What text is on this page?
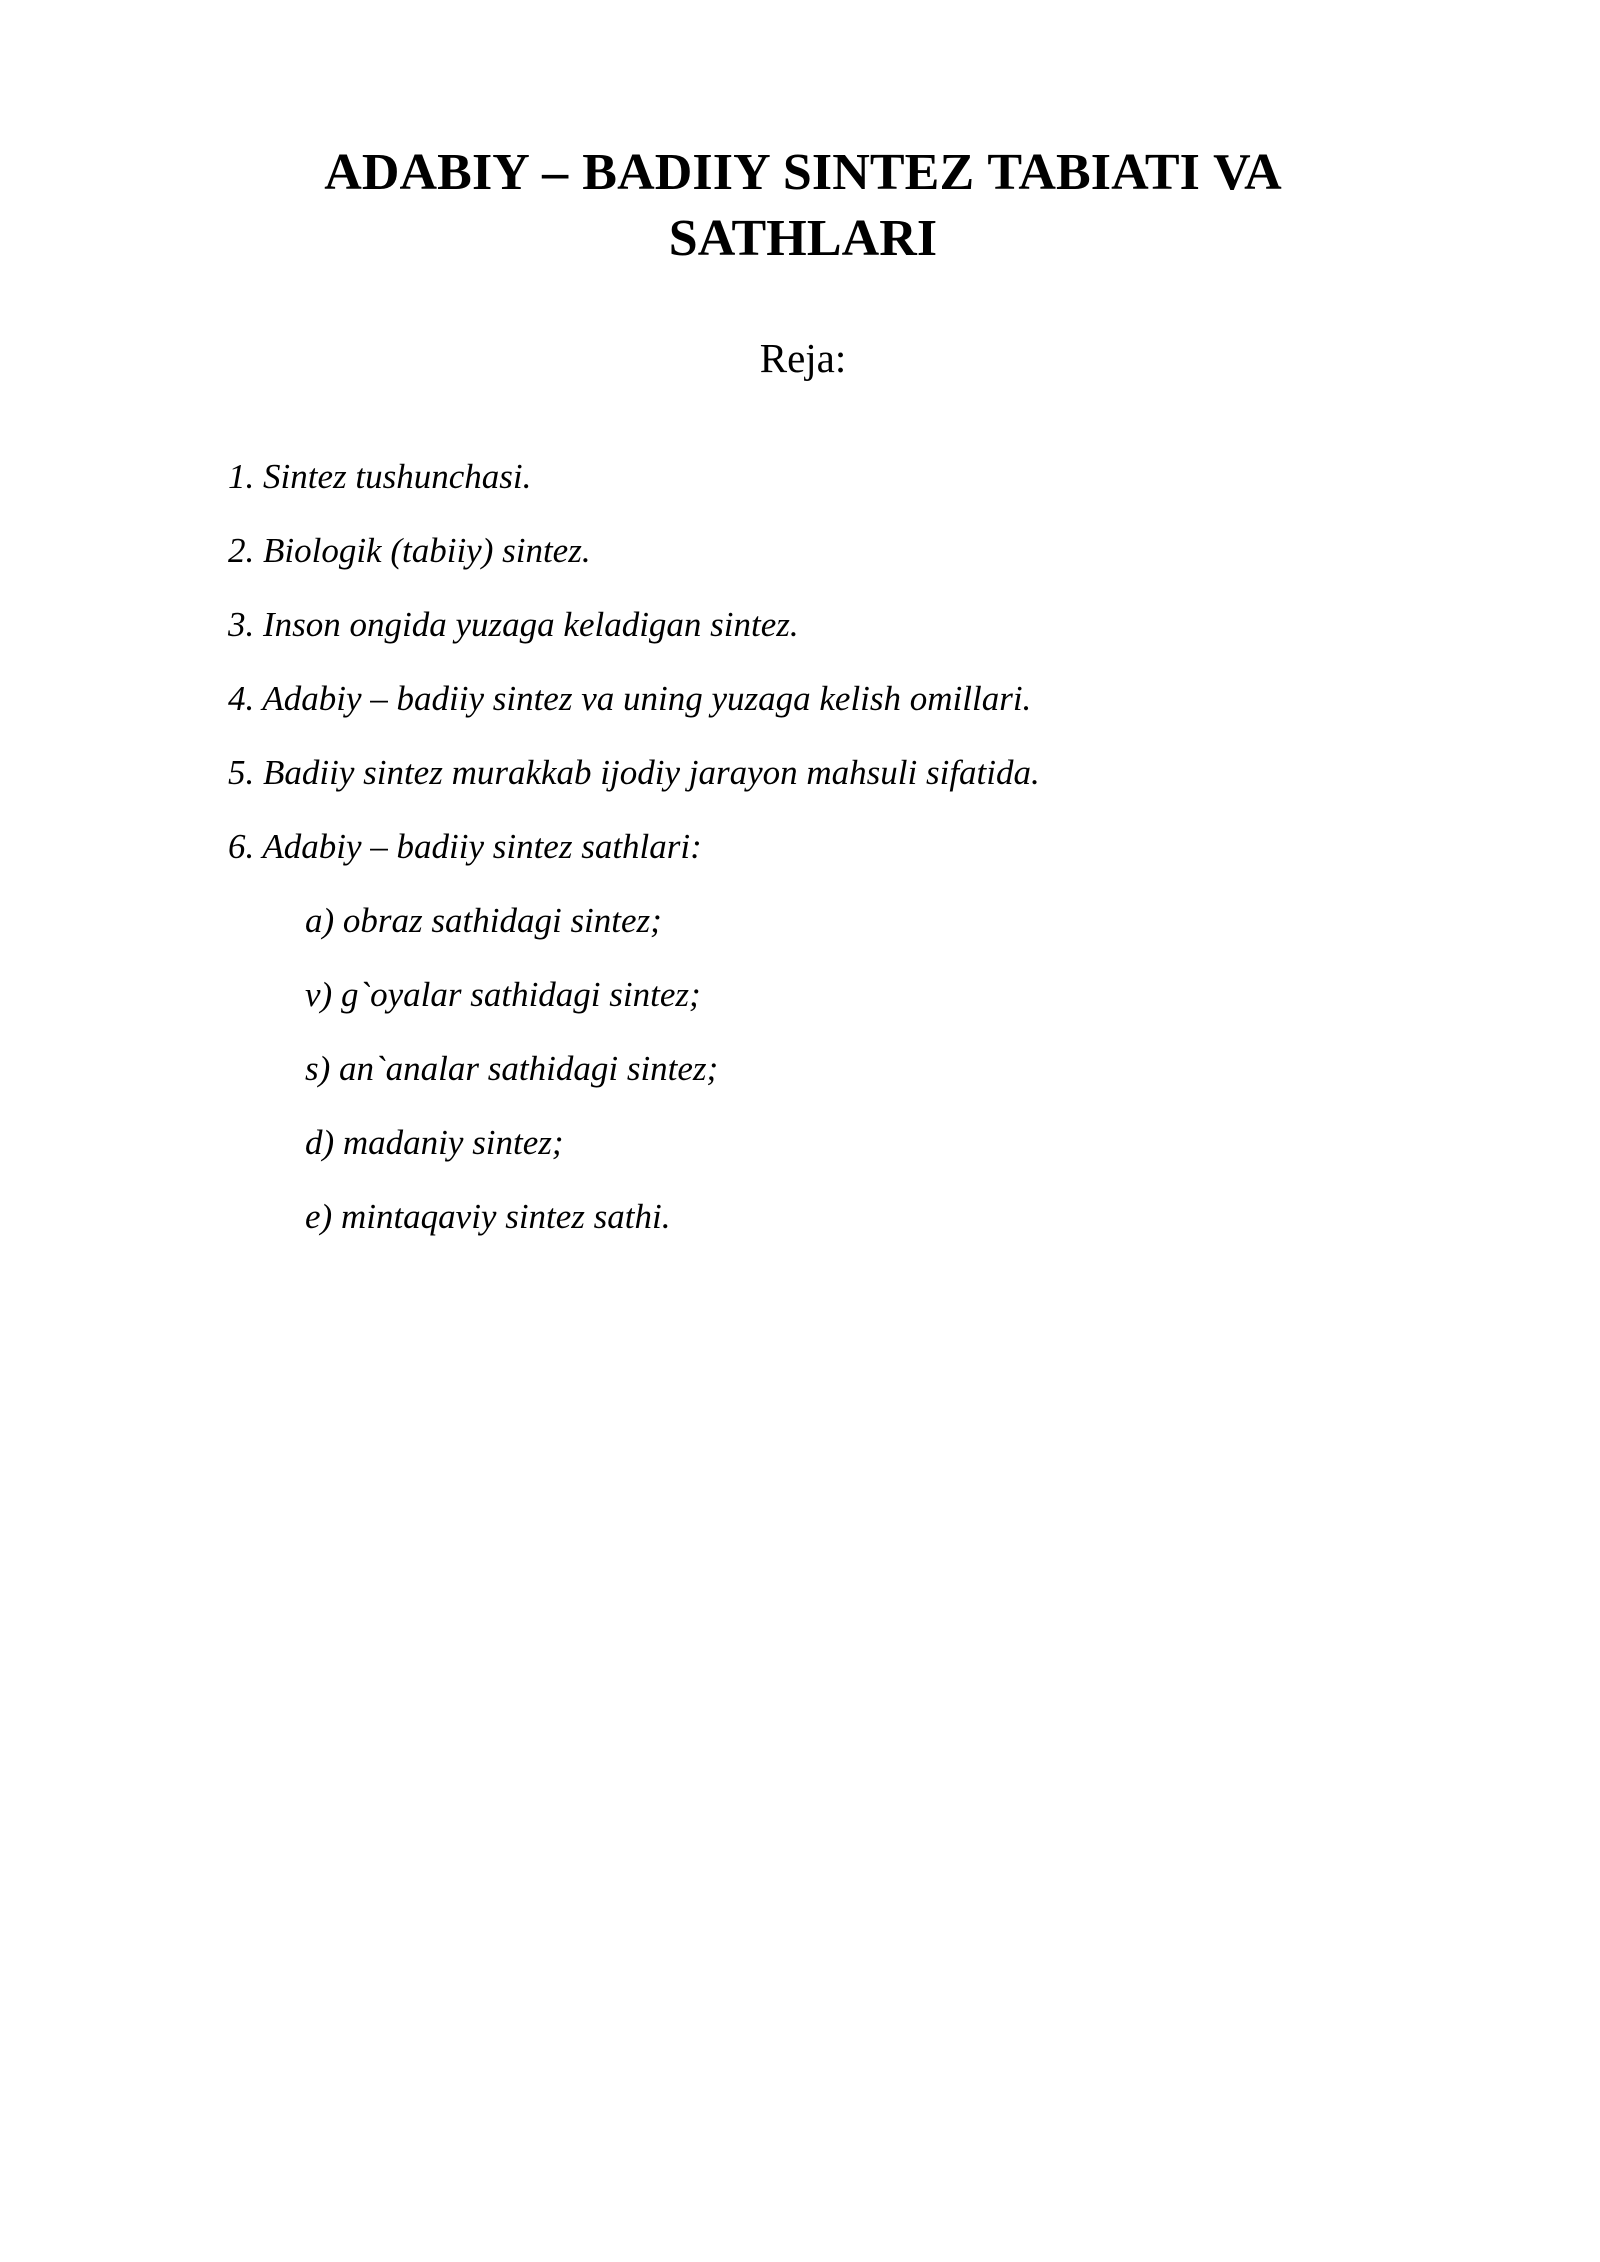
ADABIY – BADIIY SINTEZ TABIATI VA
SATHLARI
Reja:
1. Sintez tushunchasi.
2. Biologik (tabiiy) sintez.
3. Inson ongida yuzaga keladigan sintez.
4. Adabiy – badiiy sintez va uning yuzaga kelish omillari.
5. Badiiy sintez murakkab ijodiy jarayon mahsuli sifatida.
6. Adabiy – badiiy sintez sathlari:
a) obraz sathidagi sintez;
v) g`oyalar sathidagi sintez;
s) an`analar sathidagi sintez;
d) madaniy sintez;
e) mintaqaviy sintez sathi.
